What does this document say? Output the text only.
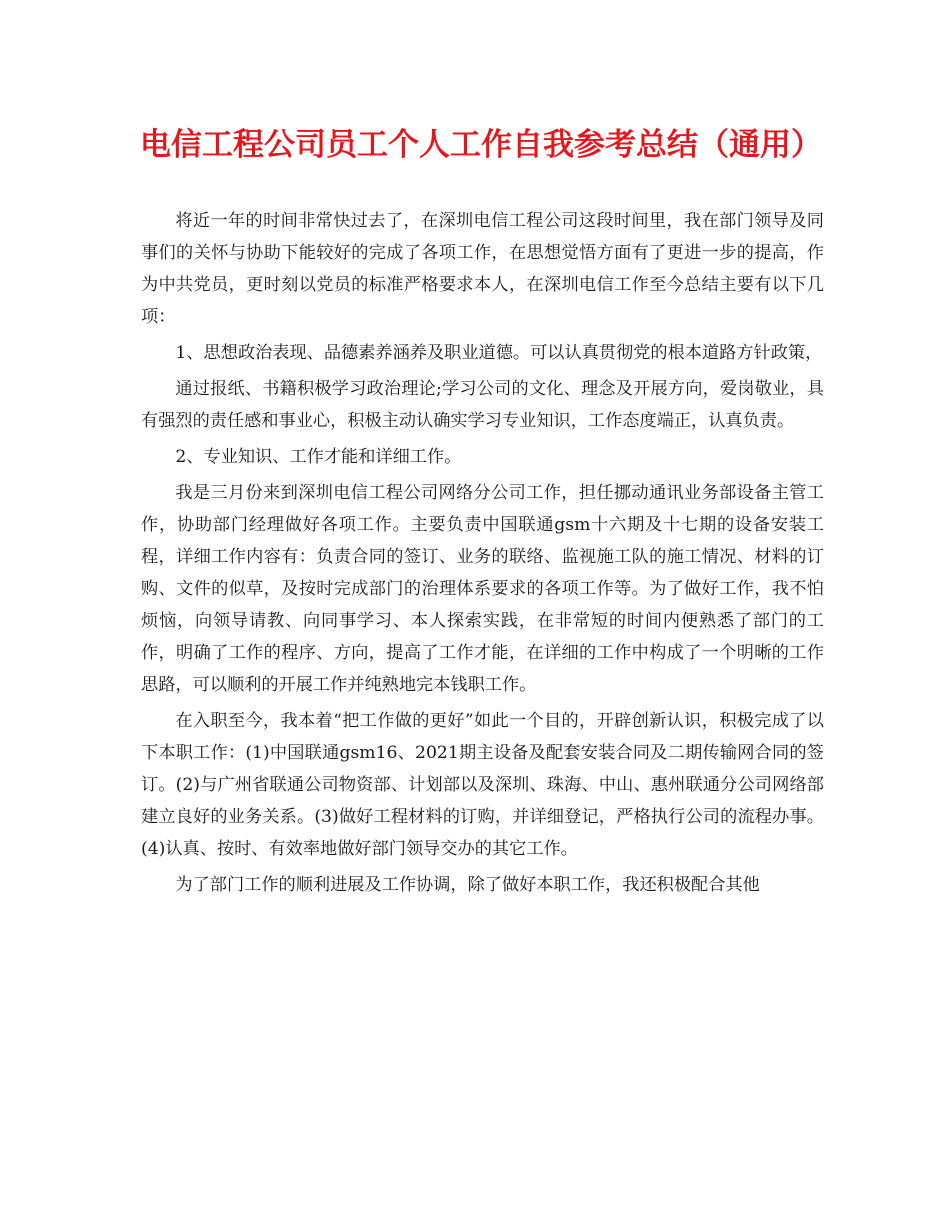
电信工程公司员工个人工作自我参考总结（通用）

将近一年的时间非常快过去了，在深圳电信工程公司这段时间里，我在部门领导及同事们的关怀与协助下能较好的完成了各项工作，在思想觉悟方面有了更进一步的提高，作为中共党员，更时刻以党员的标准严格要求本人，在深圳电信工作至今总结主要有以下几项：

1、思想政治表现、品德素养涵养及职业道德。可以认真贯彻党的根本道路方针政策，

通过报纸、书籍积极学习政治理论;学习公司的文化、理念及开展方向，爱岗敬业，具有强烈的责任感和事业心，积极主动认确实学习专业知识，工作态度端正，认真负责。

2、专业知识、工作才能和详细工作。

我是三月份来到深圳电信工程公司网络分公司工作，担任挪动通讯业务部设备主管工作，协助部门经理做好各项工作。主要负责中国联通gsm十六期及十七期的设备安装工程，详细工作内容有：负责合同的签订、业务的联络、监视施工队的施工情况、材料的订购、文件的似草，及按时完成部门的治理体系要求的各项工作等。为了做好工作，我不怕烦恼，向领导请教、向同事学习、本人探索实践，在非常短的时间内便熟悉了部门的工作，明确了工作的程序、方向，提高了工作才能，在详细的工作中构成了一个明晰的工作思路，可以顺利的开展工作并纯熟地完本钱职工作。

在入职至今，我本着“把工作做的更好”如此一个目的，开辟创新认识，积极完成了以下本职工作：(1)中国联通gsm16、2021期主设备及配套安装合同及二期传输网合同的签订。(2)与广州省联通公司物资部、计划部以及深圳、珠海、中山、惠州联通分公司网络部建立良好的业务关系。(3)做好工程材料的订购，并详细登记，严格执行公司的流程办事。(4)认真、按时、有效率地做好部门领导交办的其它工作。

为了部门工作的顺利进展及工作协调，除了做好本职工作，我还积极配合其他
